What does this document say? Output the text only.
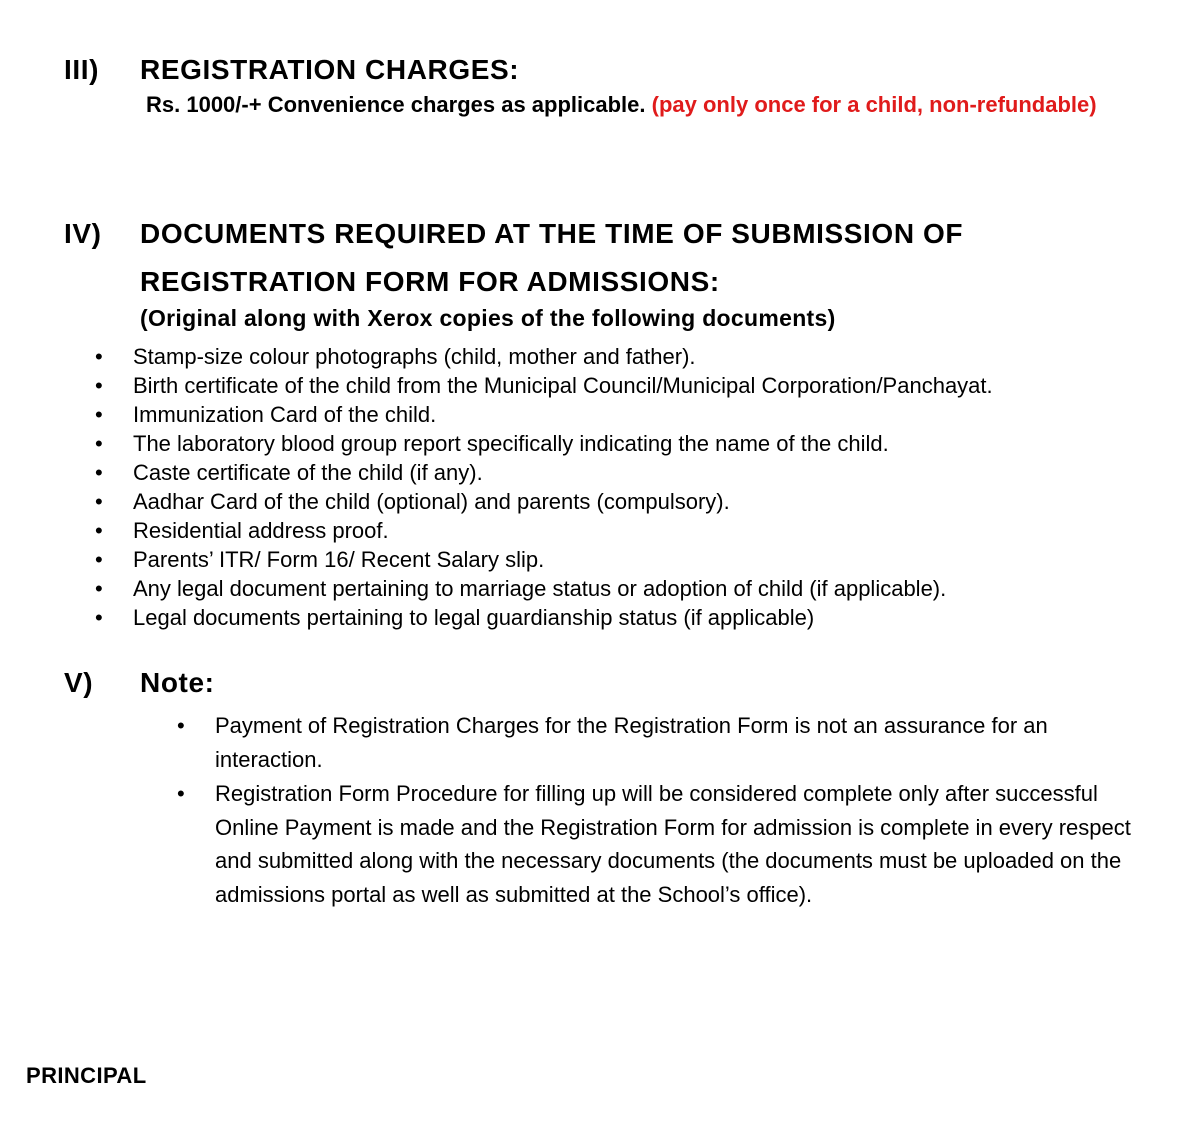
III)	REGISTRATION CHARGES:

Rs. 1000/-+ Convenience charges as applicable. (pay only once for a child, non-refundable)

IV)	DOCUMENTS REQUIRED AT THE TIME OF SUBMISSION OF
REGISTRATION FORM FOR ADMISSIONS:

(Original along with Xerox copies of the following documents)

• Stamp-size colour photographs (child, mother and father).
• Birth certificate of the child from the Municipal Council/Municipal Corporation/Panchayat.
• Immunization Card of the child.
• The laboratory blood group report specifically indicating the name of the child.
• Caste certificate of the child (if any).
• Aadhar Card of the child (optional) and parents (compulsory).
• Residential address proof.
• Parents’ ITR/ Form 16/ Recent Salary slip.
• Any legal document pertaining to marriage status or adoption of child (if applicable).
• Legal documents pertaining to legal guardianship status (if applicable)
V)	Note:
• Payment of Registration Charges for the Registration Form is not an assurance for an interaction.
• Registration Form Procedure for filling up will be considered complete only after successful Online Payment is made and the Registration Form for admission is complete in every respect and submitted along with the necessary documents (the documents must be uploaded on the admissions portal as well as submitted at the School’s office).

PRINCIPAL
